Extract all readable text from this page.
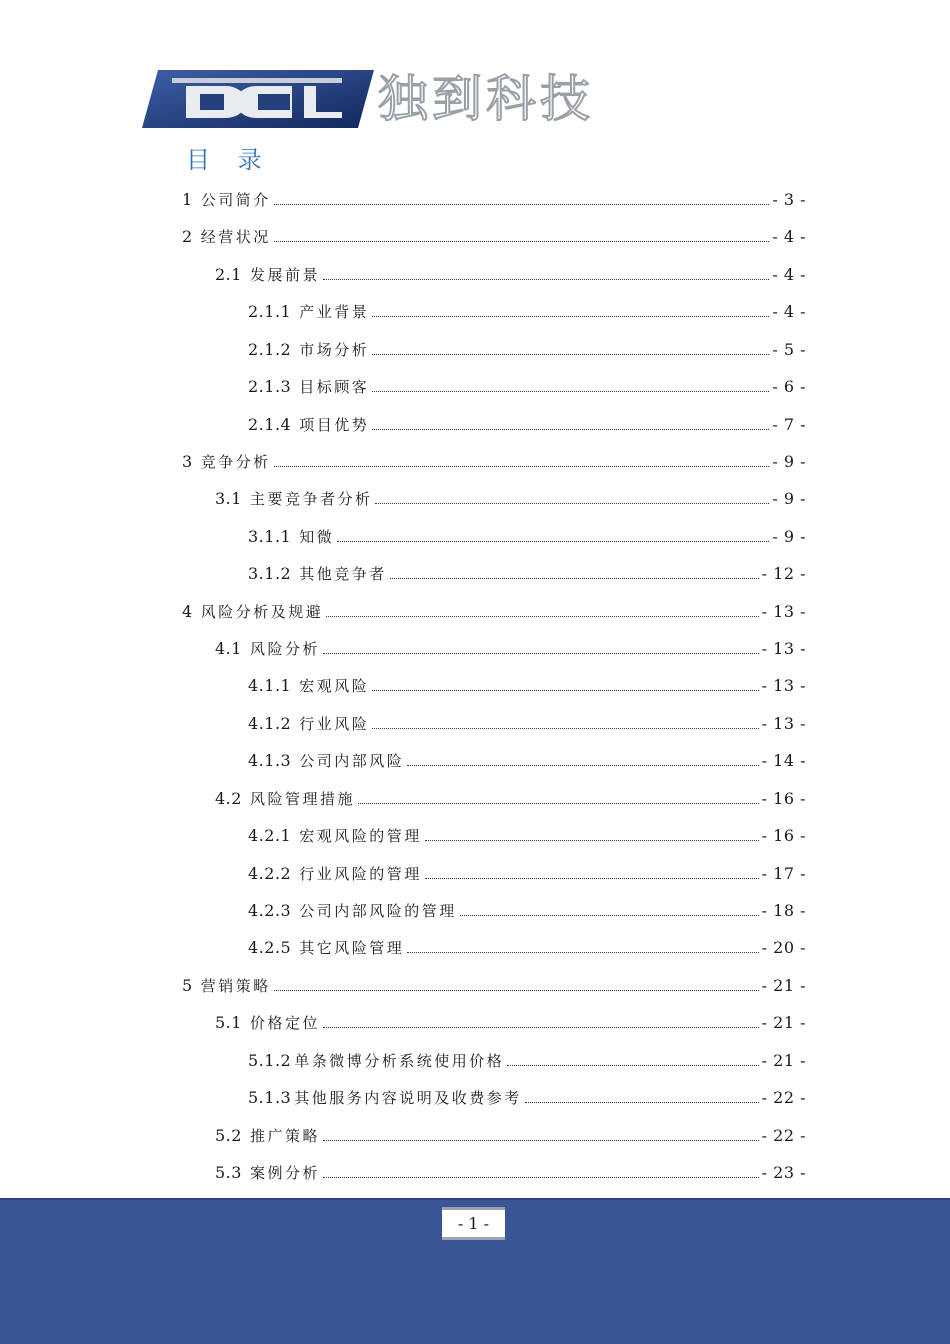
独到科技
目 录
1 公司简介	- 3 -
2 经营状况	- 4 -
2.1 发展前景	- 4 -
2.1.1 产业背景	- 4 -
2.1.2 市场分析	- 5 -
2.1.3 目标顾客	- 6 -
2.1.4 项目优势	- 7 -
3 竞争分析	- 9 -
3.1 主要竞争者分析	- 9 -
3.1.1 知微	- 9 -
3.1.2 其他竞争者	- 12 -
4 风险分析及规避	- 13 -
4.1 风险分析	- 13 -
4.1.1 宏观风险	- 13 -
4.1.2 行业风险	- 13 -
4.1.3 公司内部风险	- 14 -
4.2 风险管理措施	- 16 -
4.2.1 宏观风险的管理	- 16 -
4.2.2 行业风险的管理	- 17 -
4.2.3 公司内部风险的管理	- 18 -
4.2.5 其它风险管理	- 20 -
5 营销策略	- 21 -
5.1 价格定位	- 21 -
5.1.2 单条微博分析系统使用价格	- 21 -
5.1.3 其他服务内容说明及收费参考	- 22 -
5.2 推广策略	- 22 -
5.3 案例分析	- 23 -
- 1 -
